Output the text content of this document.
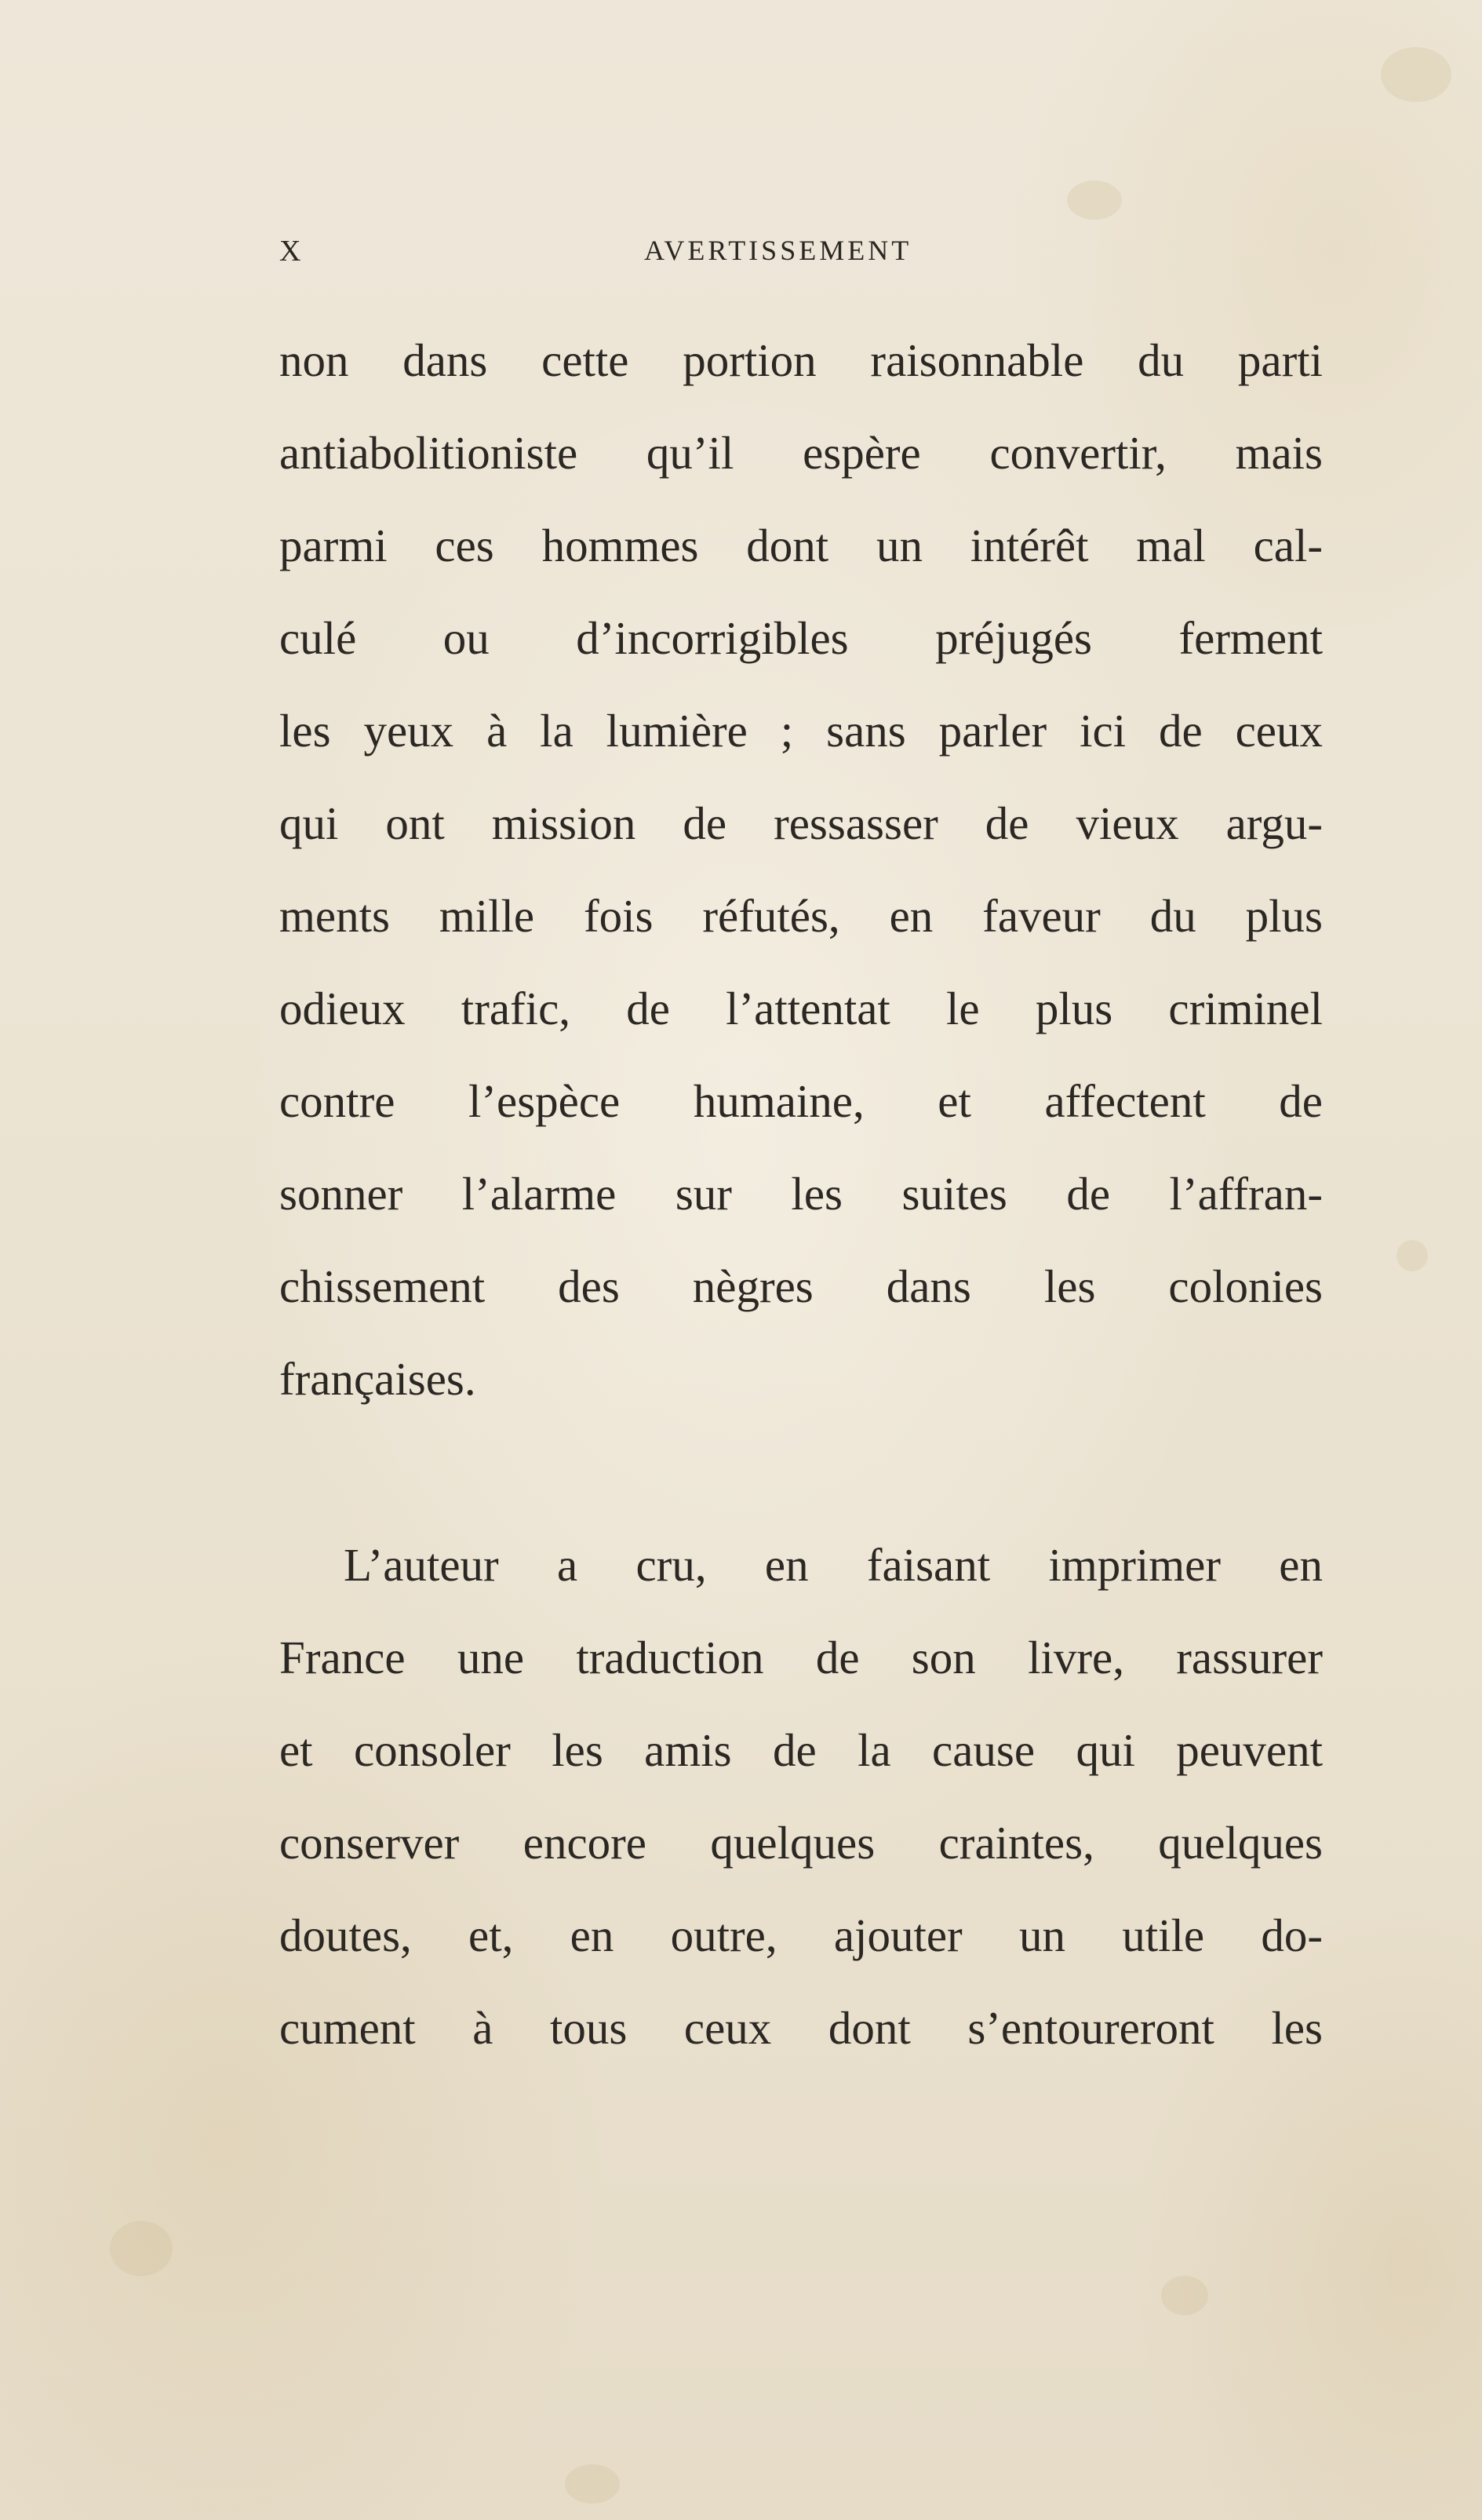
X	AVERTISSEMENT
non dans cette portion raisonnable du parti
antiabolitioniste qu’il espère convertir, mais
parmi ces hommes dont un intérêt mal cal-
culé ou d’incorrigibles préjugés ferment
les yeux à la lumière ; sans parler ici de ceux
qui ont mission de ressasser de vieux argu-
ments mille fois réfutés, en faveur du plus
odieux trafic, de l’attentat le plus criminel
contre l’espèce humaine, et affectent de
sonner l’alarme sur les suites de l’affran-
chissement des nègres dans les colonies
françaises.
L’auteur a cru, en faisant imprimer en
France une traduction de son livre, rassurer
et consoler les amis de la cause qui peuvent
conserver encore quelques craintes, quelques
doutes, et, en outre, ajouter un utile do-
cument à tous ceux dont s’entoureront les
